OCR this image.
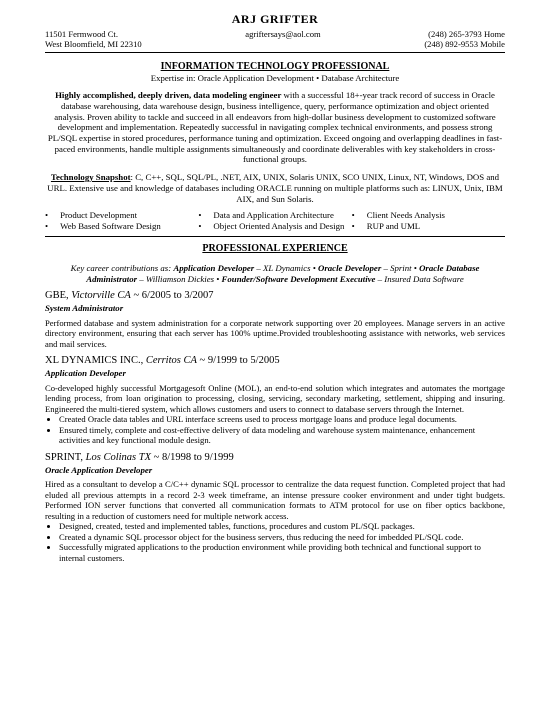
ARJ GRIFTER

11501 Fermwood Ct.
West Bloomfield, MI 22310
agriftersays@aol.com	(248) 265-3793 Home
(248) 892-9553 Mobile

INFORMATION TECHNOLOGY PROFESSIONAL

Expertise in: Oracle Application Development • Database Architecture

Highly accomplished, deeply driven, data modeling engineer with a successful 18+-year track record of success in Oracle database warehousing, data warehouse design, business intelligence, query, performance optimization and object oriented analysis. Proven ability to tackle and succeed in all endeavors from high-dollar business development to customized software development and implementation. Repeatedly successful in navigating complex technical environments, and possess strong PL/SQL expertise in stored procedures, performance tuning and optimization. Exceed ongoing and overlapping deadlines in fast-paced environments, handle multiple assignments simultaneously and coordinate deliverables with key stakeholders in cross-functional groups.

Technology Snapshot: C, C++, SQL, SQL/PL, .NET, AIX, UNIX, Solaris UNIX, SCO UNIX, Linux, NT, Windows, DOS and URL. Extensive use and knowledge of databases including ORACLE running on multiple platforms such as: LINUX, Unix, IBM AIX, and Sun Solaris.

• Product Development
• Web Based Software Design
• Data and Application Architecture
• Object Oriented Analysis and Design
• Client Needs Analysis
• RUP and UML

PROFESSIONAL EXPERIENCE

Key career contributions as: Application Developer – XL Dynamics • Oracle Developer – Sprint • Oracle Database Administrator – Williamson Dickies • Founder/Software Development Executive – Insured Data Software

GBE, Victorville CA ~ 6/2005 to 3/2007

System Administrator

Performed database and system administration for a corporate network supporting over 20 employees. Manage servers in an active directory environment, ensuring that each server has 100% uptime.Provided troubleshooting assistance with networks, web services and mail services.

XL DYNAMICS INC., Cerritos CA ~ 9/1999 to 5/2005

Application Developer

Co-developed highly successful Mortgagesoft Online (MOL), an end-to-end solution which integrates and automates the mortgage lending process, from loan origination to processing, closing, servicing, secondary marketing, settlement, shipping and insuring. Engineered the multi-tiered system, which allows customers and users to connect to database servers through the Internet.

• Created Oracle data tables and URL interface screens used to process mortgage loans and produce legal documents.
• Ensured timely, complete and cost-effective delivery of data modeling and warehouse system maintenance, enhancement activities and key functional module design.

SPRINT, Los Colinas TX ~ 8/1998 to 9/1999

Oracle Application Developer

Hired as a consultant to develop a C/C++ dynamic SQL processor to centralize the data request function. Completed project that had eluded all previous attempts in a record 2-3 week timeframe, an intense pressure cooker environment and under tight budgets. Performed ION server functions that converted all communication formats to ATM protocol for use on fiber optics backbone, resulting in a reduction of customers need for multiple network access.

• Designed, created, tested and implemented tables, functions, procedures and custom PL/SQL packages.
• Created a dynamic SQL processor object for the business servers, thus reducing the need for imbedded PL/SQL code.
• Successfully migrated applications to the production environment while providing both technical and functional support to internal customers.
